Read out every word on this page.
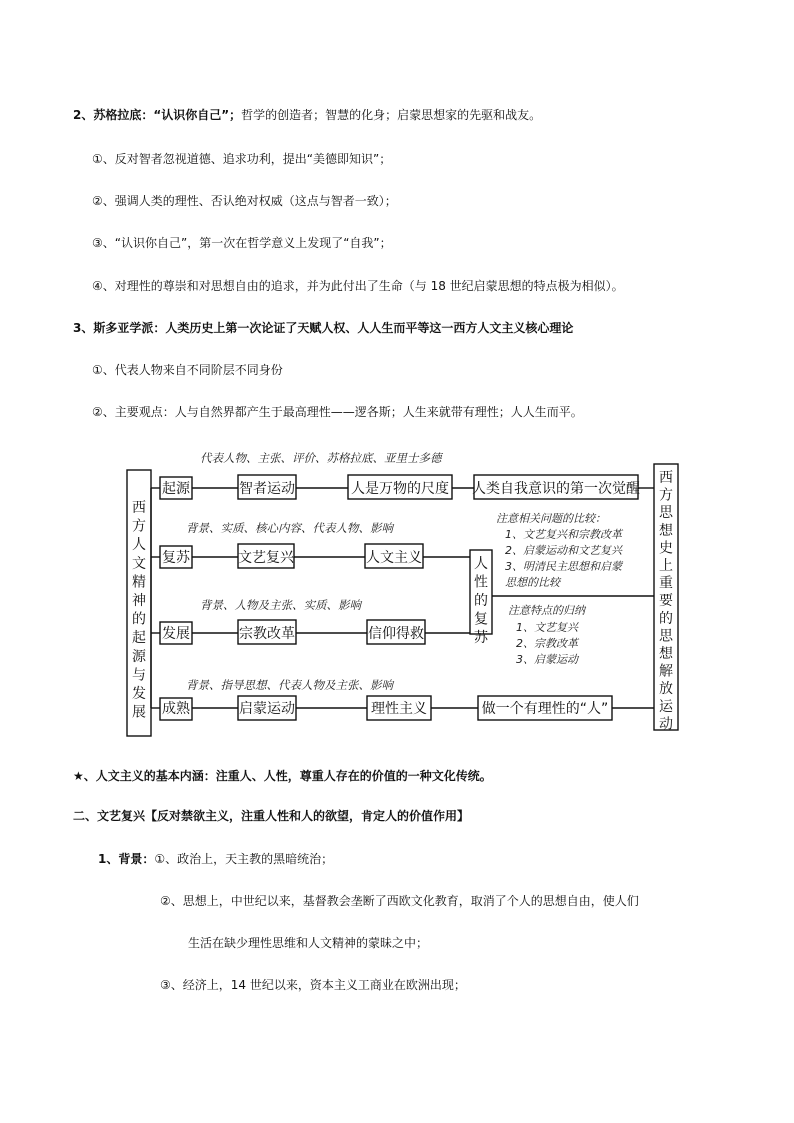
2、苏格拉底：“认识你自己”；哲学的创造者；智慧的化身；启蒙思想家的先驱和战友。
①、反对智者忽视道德、追求功利，提出“美德即知识”；
②、强调人类的理性、否认绝对权威（这点与智者一致）；
③、“认识你自己”，第一次在哲学意义上发现了“自我”；
④、对理性的尊崇和对思想自由的追求，并为此付出了生命（与 18 世纪启蒙思想的特点极为相似）。
3、斯多亚学派：人类历史上第一次论证了天赋人权、人人生而平等这一西方人文主义核心理论
①、代表人物来自不同阶层不同身份
②、主要观点：人与自然界都产生于最高理性——逻各斯；人生来就带有理性；人人生而平。
西
方
人
文
精
神
的
起
源
与
发
展
西
方
思
想
史
上
重
要
的
思
想
解
放
运
动
人
性
的
复
苏
起源	智者运动	人是万物的尺度 人类自我意识的第一次觉醒
复苏	文艺复兴	人文主义
发展	宗教改革	信仰得救
成熟	启蒙运动	理性主义	做一个有理性的“人”
代表人物、主张、评价、苏格拉底、亚里士多德
背景、实质、核心内容、代表人物、影响
背景、人物及主张、实质、影响
背景、指导思想、代表人物及主张、影响
注意相关问题的比较：
1、文艺复兴和宗教改革
2、启蒙运动和文艺复兴
3、明清民主思想和启蒙
思想的比较
注意特点的归纳
1、文艺复兴
2、宗教改革
3、启蒙运动
★、人文主义的基本内涵：注重人、人性，尊重人存在的价值的一种文化传统。
二、文艺复兴【反对禁欲主义，注重人性和人的欲望，肯定人的价值作用】
1、背景：①、政治上，天主教的黑暗统治；
②、思想上，中世纪以来，基督教会垄断了西欧文化教育，取消了个人的思想自由，使人们
生活在缺少理性思维和人文精神的蒙昧之中；
③、经济上，14 世纪以来，资本主义工商业在欧洲出现；
